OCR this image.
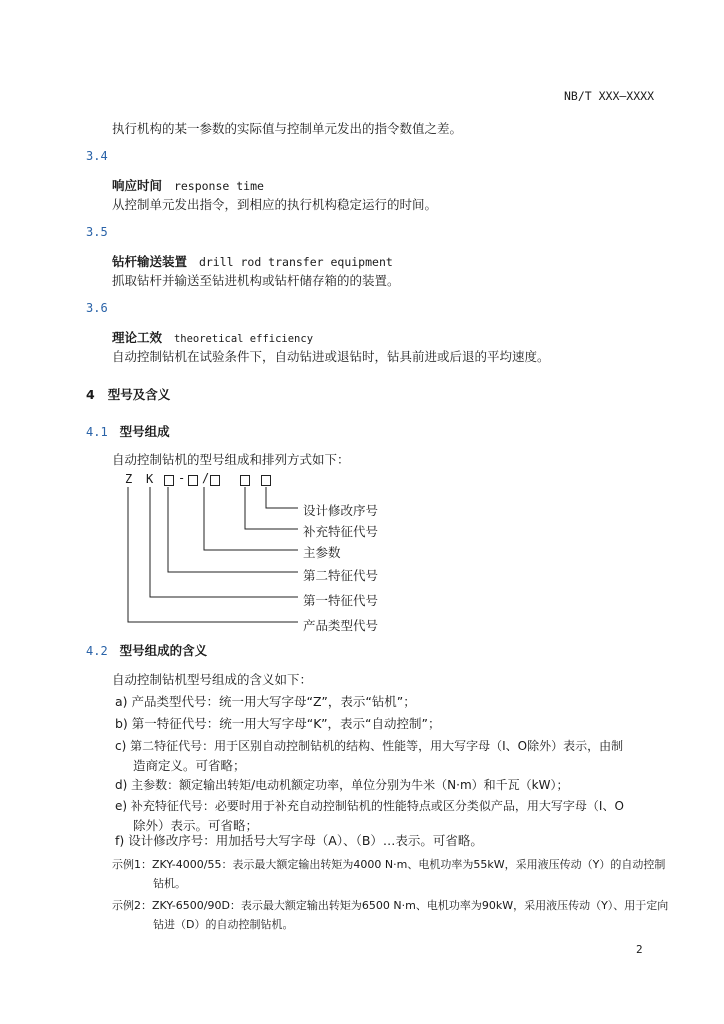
NB/T XXX—XXXX
执行机构的某一参数的实际值与控制单元发出的指令数值之差。
3.4
响应时间 response time
从控制单元发出指令，到相应的执行机构稳定运行的时间。
3.5
钻杆输送装置 drill rod transfer equipment
抓取钻杆并输送至钻进机构或钻杆储存箱的的装置。
3.6
理论工效 theoretical efficiency
自动控制钻机在试验条件下，自动钻进或退钻时，钻具前进或后退的平均速度。
4 型号及含义
4.1 型号组成
自动控制钻机的型号组成和排列方式如下：
Z K - /
设计修改序号
补充特征代号
主参数
第二特征代号
第一特征代号
产品类型代号
4.2 型号组成的含义
自动控制钻机型号组成的含义如下：
a) 产品类型代号：统一用大写字母“Z”，表示“钻机”；
b) 第一特征代号：统一用大写字母“K”，表示“自动控制”；
c) 第二特征代号：用于区别自动控制钻机的结构、性能等，用大写字母（I、O除外）表示，由制
造商定义。可省略；
d) 主参数：额定输出转矩/电动机额定功率，单位分别为牛米（N·m）和千瓦（kW）；
e) 补充特征代号：必要时用于补充自动控制钻机的性能特点或区分类似产品，用大写字母（I、O
除外）表示。可省略；
f) 设计修改序号：用加括号大写字母（A）、（B）…表示。可省略。
示例1：ZKY-4000/55：表示最大额定输出转矩为4000 N·m、电机功率为55kW，采用液压传动（Y）的自动控制
钻机。
示例2：ZKY-6500/90D：表示最大额定输出转矩为6500 N·m、电机功率为90kW，采用液压传动（Y）、用于定向
钻进（D）的自动控制钻机。
2
